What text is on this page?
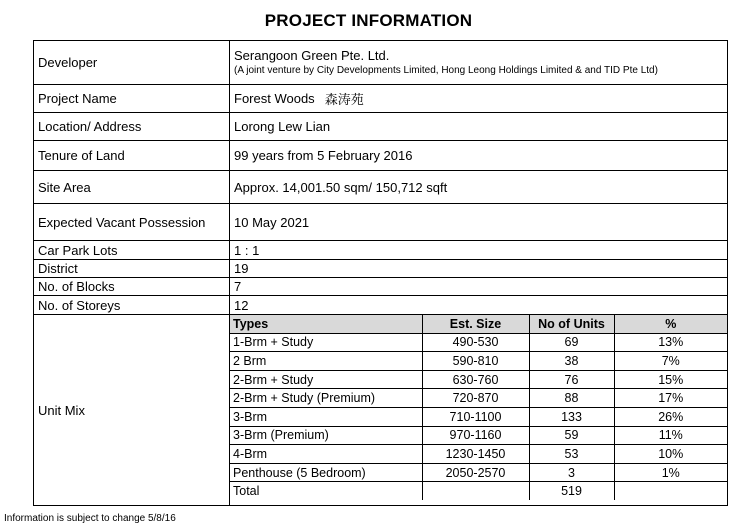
PROJECT INFORMATION
Developer	Serangoon Green Pte. Ltd.
(A joint venture by City Developments Limited, Hong Leong Holdings Limited & and TID Pte Ltd)
Project Name	Forest Woods 森涛苑
Location/ Address	Lorong Lew Lian
Tenure of Land	99 years from 5 February 2016
Site Area	Approx. 14,001.50 sqm/ 150,712 sqft
Expected Vacant Possession	10 May 2021
Car Park Lots	1 : 1
District	19
No. of Blocks	7
No. of Storeys	12
Unit Mix
Types	Est. Size	No of Units	%
1-Brm + Study	490-530	69	13%
2 Brm	590-810	38	7%
2-Brm + Study	630-760	76	15%
2-Brm + Study (Premium)	720-870	88	17%
3-Brm	710-1100	133	26%
3-Brm (Premium)	970-1160	59	11%
4-Brm	1230-1450	53	10%
Penthouse (5 Bedroom)	2050-2570	3	1%
Total		519	
Information is subject to change 5/8/16
